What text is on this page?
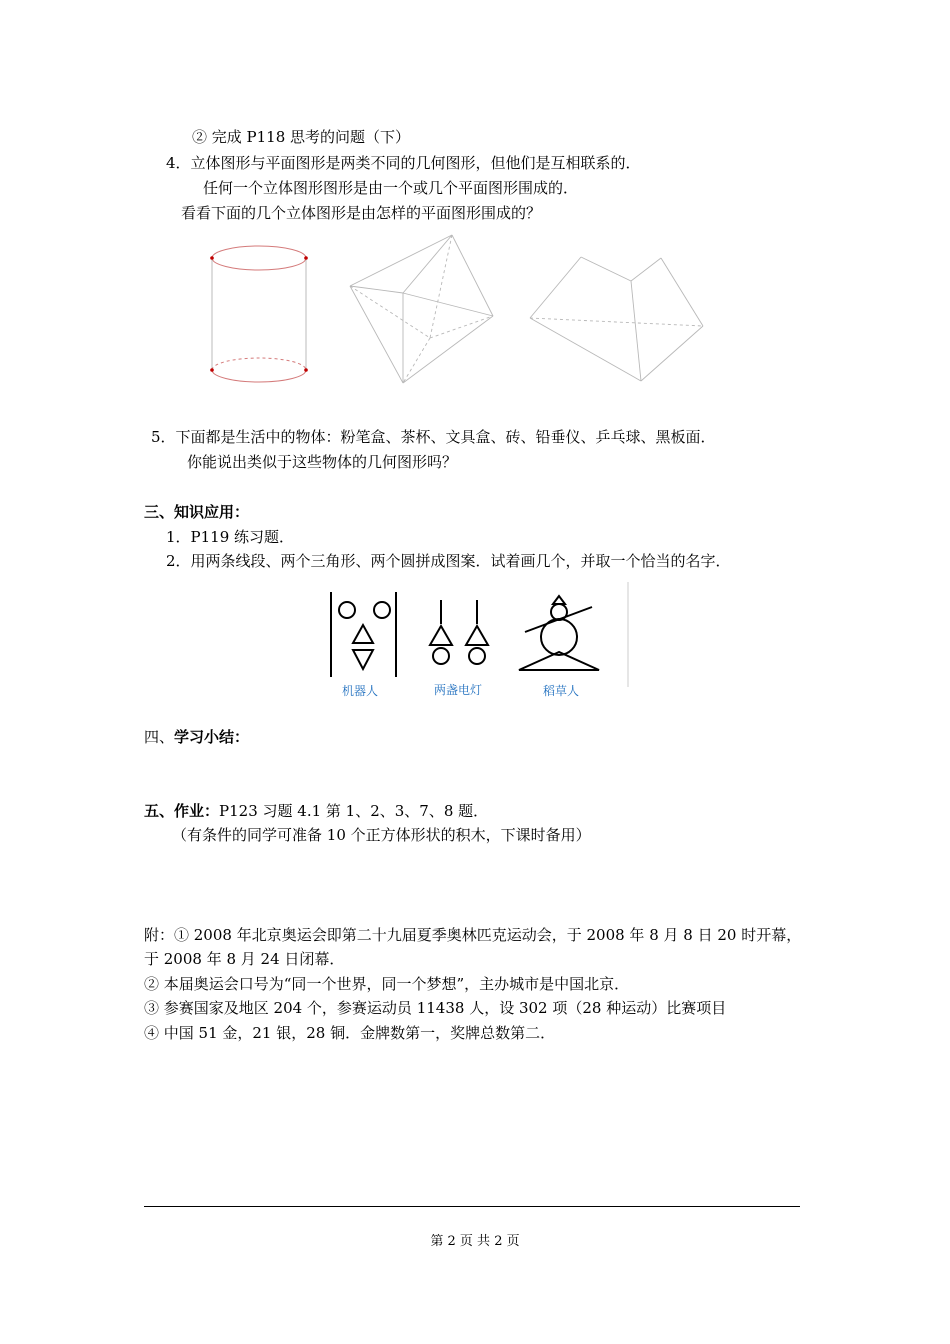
② 完成 P118 思考的问题（下）
4．立体图形与平面图形是两类不同的几何图形，但他们是互相联系的．
任何一个立体图形图形是由一个或几个平面图形围成的．
看看下面的几个立体图形是由怎样的平面图形围成的？
5．下面都是生活中的物体：粉笔盒、茶杯、文具盒、砖、铅垂仪、乒乓球、黑板面．
你能说出类似于这些物体的几何图形吗？
三、知识应用：
1．P119 练习题．
2．用两条线段、两个三角形、两个圆拼成图案．试着画几个，并取一个恰当的名字．
机器人	两盏电灯	稻草人
四、学习小结：
五、作业：P123 习题 4.1 第 1、2、3、7、8 题．
（有条件的同学可准备 10 个正方体形状的积木，下课时备用）
附：① 2008 年北京奥运会即第二十九届夏季奥林匹克运动会，于 2008 年 8 月 8 日 20 时开幕，
于 2008 年 8 月 24 日闭幕．
② 本届奥运会口号为“同一个世界，同一个梦想”，主办城市是中国北京．
③ 参赛国家及地区 204 个，参赛运动员 11438 人，设 302 项（28 种运动）比赛项目
④ 中国 51 金，21 银，28 铜．金牌数第一，奖牌总数第二．
第 2 页 共 2 页
